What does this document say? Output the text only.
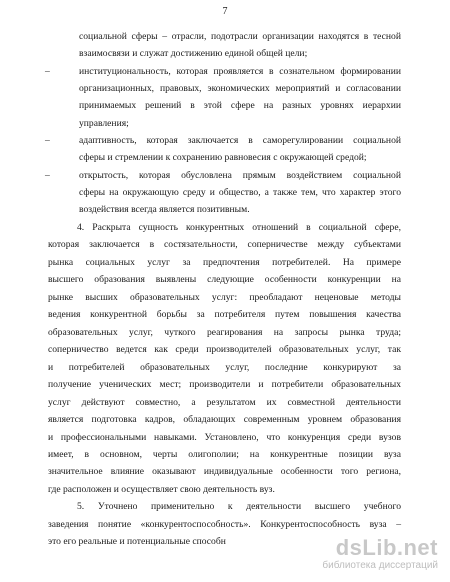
7
социальной сферы – отрасли, подотрасли организации находятся в тесной
взаимосвязи и служат достижению единой общей цели;
–	институциональность, которая проявляется в сознательном формировании
организационных, правовых, экономических мероприятий и согласовании
принимаемых решений в этой сфере на разных уровнях иерархии
управления;
–	адаптивность, которая заключается в саморегулировании социальной
сферы и стремлении к сохранению равновесия с окружающей средой;
–	открытость, которая обусловлена прямым воздействием социальной
сферы на окружающую среду и общество, а также тем, что характер этого
воздействия всегда является позитивным.
4. Раскрыта сущность конкурентных отношений в социальной сфере,
которая заключается в состязательности, соперничестве между субъектами
рынка социальных услуг за предпочтения потребителей. На примере
высшего образования выявлены следующие особенности конкуренции на
рынке высших образовательных услуг: преобладают неценовые методы
ведения конкурентной борьбы за потребителя путем повышения качества
образовательных услуг, чуткого реагирования на запросы рынка труда;
соперничество ведется как среди производителей образовательных услуг, так
и потребителей образовательных услуг, последние конкурируют за
получение ученических мест; производители и потребители образовательных
услуг действуют совместно, а результатом их совместной деятельности
является подготовка кадров, обладающих современным уровнем образования
и профессиональными навыками. Установлено, что конкуренция среди вузов
имеет, в основном, черты олигополии; на конкурентные позиции вуза
значительное влияние оказывают индивидуальные особенности того региона,
где расположен и осуществляет свою деятельность вуз.
5. Уточнено применительно к деятельности высшего учебного
заведения понятие «конкурентоспособность». Конкурентоспособность вуза –
это его реальные и потенциальные способн	dsLib.net
библиотека диссертаций
